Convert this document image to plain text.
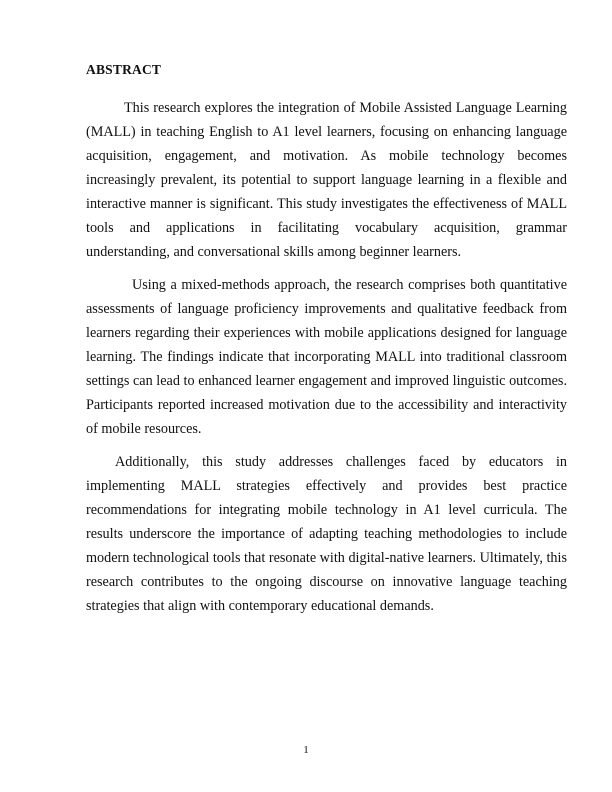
ABSTRACT

This research explores the integration of Mobile Assisted Language Learning (MALL) in teaching English to A1 level learners, focusing on enhancing language acquisition, engagement, and motivation. As mobile technology becomes increasingly prevalent, its potential to support language learning in a flexible and interactive manner is significant. This study investigates the effectiveness of MALL tools and applications in facilitating vocabulary acquisition, grammar understanding, and conversational skills among beginner learners.

Using a mixed-methods approach, the research comprises both quantitative assessments of language proficiency improvements and qualitative feedback from learners regarding their experiences with mobile applications designed for language learning. The findings indicate that incorporating MALL into traditional classroom settings can lead to enhanced learner engagement and improved linguistic outcomes. Participants reported increased motivation due to the accessibility and interactivity of mobile resources.

Additionally, this study addresses challenges faced by educators in implementing MALL strategies effectively and provides best practice recommendations for integrating mobile technology in A1 level curricula. The results underscore the importance of adapting teaching methodologies to include modern technological tools that resonate with digital-native learners. Ultimately, this research contributes to the ongoing discourse on innovative language teaching strategies that align with contemporary educational demands.

1
